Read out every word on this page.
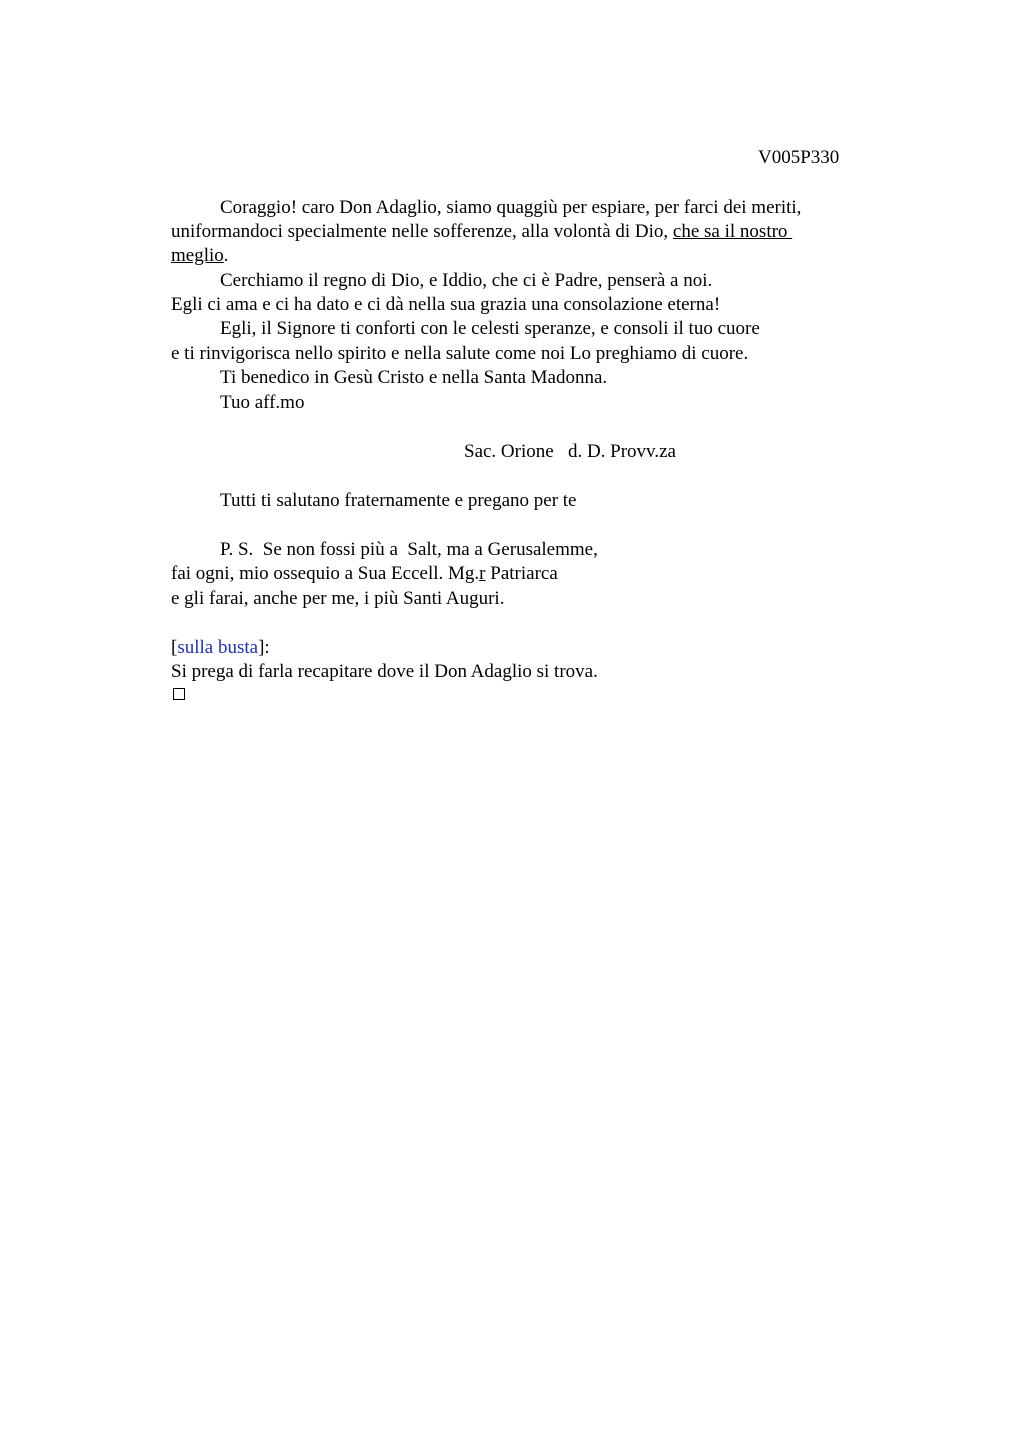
V005P330
Coraggio! caro Don Adaglio, siamo quaggiù per espiare, per farci dei meriti,
uniformandoci specialmente nelle sofferenze, alla volontà di Dio, che sa il nostro
meglio.
Cerchiamo il regno di Dio, e Iddio, che ci è Padre, penserà a noi.
Egli ci ama e ci ha dato e ci dà nella sua grazia una consolazione eterna!
Egli, il Signore ti conforti con le celesti speranze, e consoli il tuo cuore
e ti rinvigorisca nello spirito e nella salute come noi Lo preghiamo di cuore.
Ti benedico in Gesù Cristo e nella Santa Madonna.
Tuo aff.mo
Sac. Orione   d. D. Provv.za
Tutti ti salutano fraternamente e pregano per te
P. S.  Se non fossi più a  Salt, ma a Gerusalemme,
fai ogni, mio ossequio a Sua Eccell. Mg.r Patriarca
e gli farai, anche per me, i più Santi Auguri.
[sulla busta]:
Si prega di farla recapitare dove il Don Adaglio si trova.
